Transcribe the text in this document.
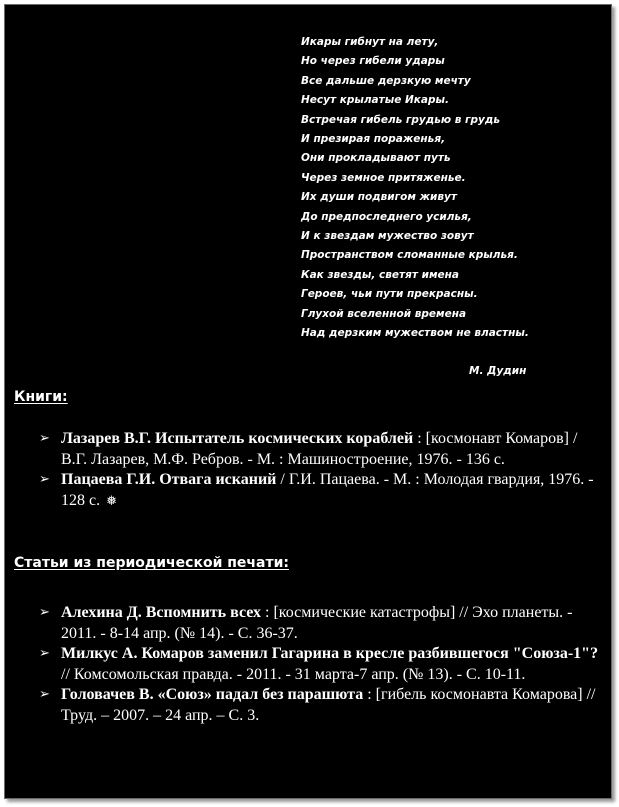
Икары гибнут на лету,
Но через гибели удары
Все дальше дерзкую мечту
Несут крылатые Икары.
Встречая гибель грудью в грудь
И презирая пораженья,
Они прокладывают путь
Через земное притяженье.
Их души подвигом живут
До предпоследнего усилья,
И к звездам мужество зовут
Пространством сломанные крылья.
Как звезды, светят имена
Героев, чьи пути прекрасны.
Глухой вселенной времена
Над дерзким мужеством не властны.
М. Дудин
Книги:
➢ Лазарев В.Г. Испытатель космических кораблей : [космонавт Комаров] / В.Г. Лазарев, М.Ф. Ребров. - М. : Машиностроение, 1976. - 136 с.
➢ Пацаева Г.И. Отвага исканий / Г.И. Пацаева. - М. : Молодая гвардия, 1976. - 128 с. ❅
Статьи из периодической печати:
➢ Алехина Д. Вспомнить всех : [космические катастрофы] // Эхо планеты. - 2011. - 8-14 апр. (№ 14). - С. 36-37.
➢ Милкус А. Комаров заменил Гагарина в кресле разбившегося "Союза-1"? // Комсомольская правда. - 2011. - 31 марта-7 апр. (№ 13). - С. 10-11.
➢ Головачев В. «Союз» падал без парашюта : [гибель космонавта Комарова] // Труд. – 2007. – 24 апр. – С. 3.
